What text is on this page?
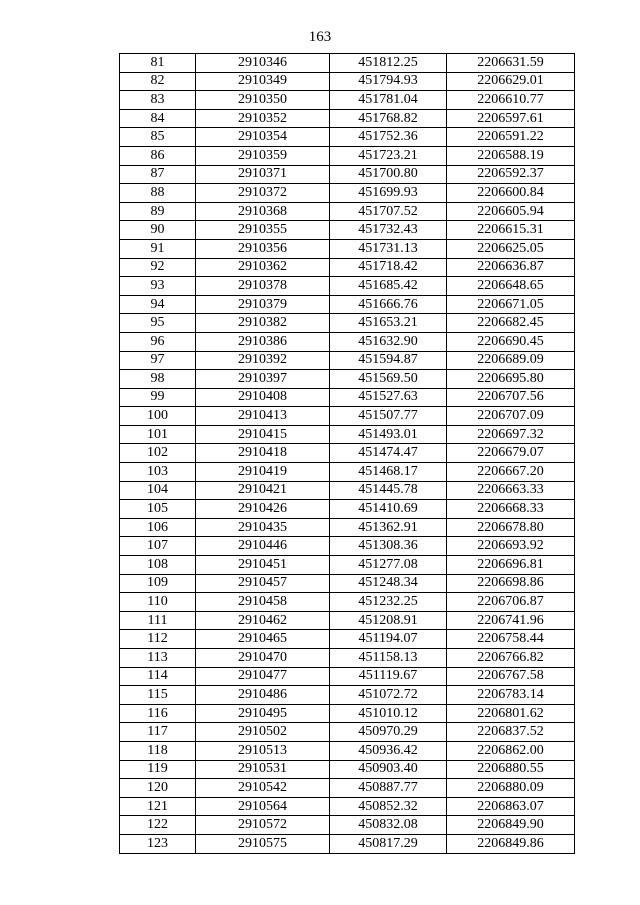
163
81	2910346	451812.25	2206631.59
82	2910349	451794.93	2206629.01
83	2910350	451781.04	2206610.77
84	2910352	451768.82	2206597.61
85	2910354	451752.36	2206591.22
86	2910359	451723.21	2206588.19
87	2910371	451700.80	2206592.37
88	2910372	451699.93	2206600.84
89	2910368	451707.52	2206605.94
90	2910355	451732.43	2206615.31
91	2910356	451731.13	2206625.05
92	2910362	451718.42	2206636.87
93	2910378	451685.42	2206648.65
94	2910379	451666.76	2206671.05
95	2910382	451653.21	2206682.45
96	2910386	451632.90	2206690.45
97	2910392	451594.87	2206689.09
98	2910397	451569.50	2206695.80
99	2910408	451527.63	2206707.56
100	2910413	451507.77	2206707.09
101	2910415	451493.01	2206697.32
102	2910418	451474.47	2206679.07
103	2910419	451468.17	2206667.20
104	2910421	451445.78	2206663.33
105	2910426	451410.69	2206668.33
106	2910435	451362.91	2206678.80
107	2910446	451308.36	2206693.92
108	2910451	451277.08	2206696.81
109	2910457	451248.34	2206698.86
110	2910458	451232.25	2206706.87
111	2910462	451208.91	2206741.96
112	2910465	451194.07	2206758.44
113	2910470	451158.13	2206766.82
114	2910477	451119.67	2206767.58
115	2910486	451072.72	2206783.14
116	2910495	451010.12	2206801.62
117	2910502	450970.29	2206837.52
118	2910513	450936.42	2206862.00
119	2910531	450903.40	2206880.55
120	2910542	450887.77	2206880.09
121	2910564	450852.32	2206863.07
122	2910572	450832.08	2206849.90
123	2910575	450817.29	2206849.86
